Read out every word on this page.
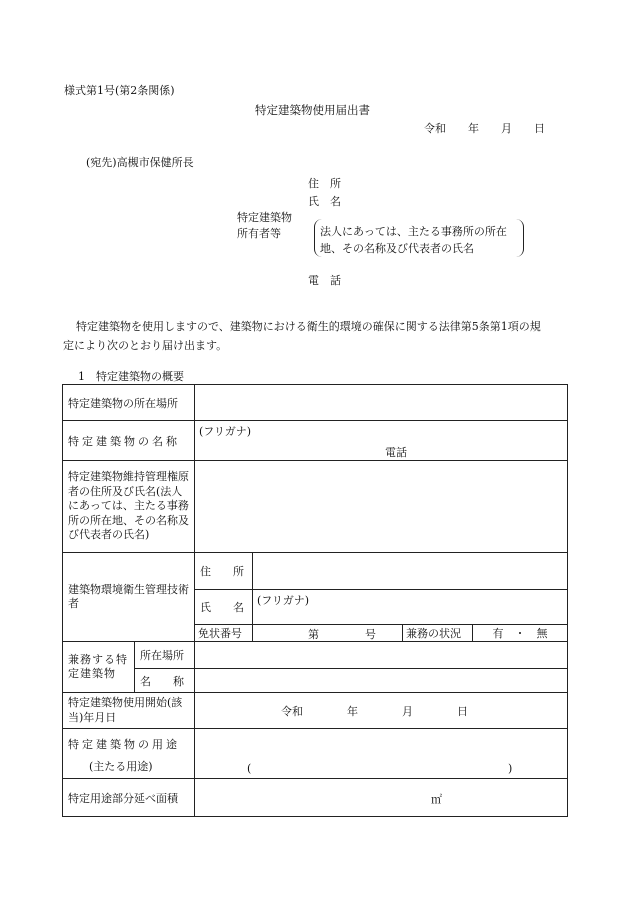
様式第1号(第2条関係)
特定建築物使用届出書
令和　　年　　月　　日
(宛先)高槻市保健所長
住　所
氏　名
特定建築物
所有者等	法人にあっては、主たる事務所の所在
地、その名称及び代表者の氏名
電　話
特定建築物を使用しますので、建築物における衛生的環境の確保に関する法律第5条第1項の規
定により次のとおり届け出ます。
1　特定建築物の概要
特定建築物の所在場所					
特定建築物の名称		(フリガナ)
電話			

特定建築物維持管理権原者の住所及び氏名(法人にあっては、主たる事務所の所在地、その名称及び代表者の氏名)					
建築物環境衛生管理技術者		住　　所			
		氏　　名	(フリガナ)		

		免状番号	第 号	兼務の状況	有　・　無
兼務する特定建築物	所在場所				
	名　　称				
特定建築物使用開始(該当)年月日		令和　　　　年　　　　月　　　　日			

特定建築物の用途
(主たる用途)		( )			

特定用途部分延べ面積		㎡			
